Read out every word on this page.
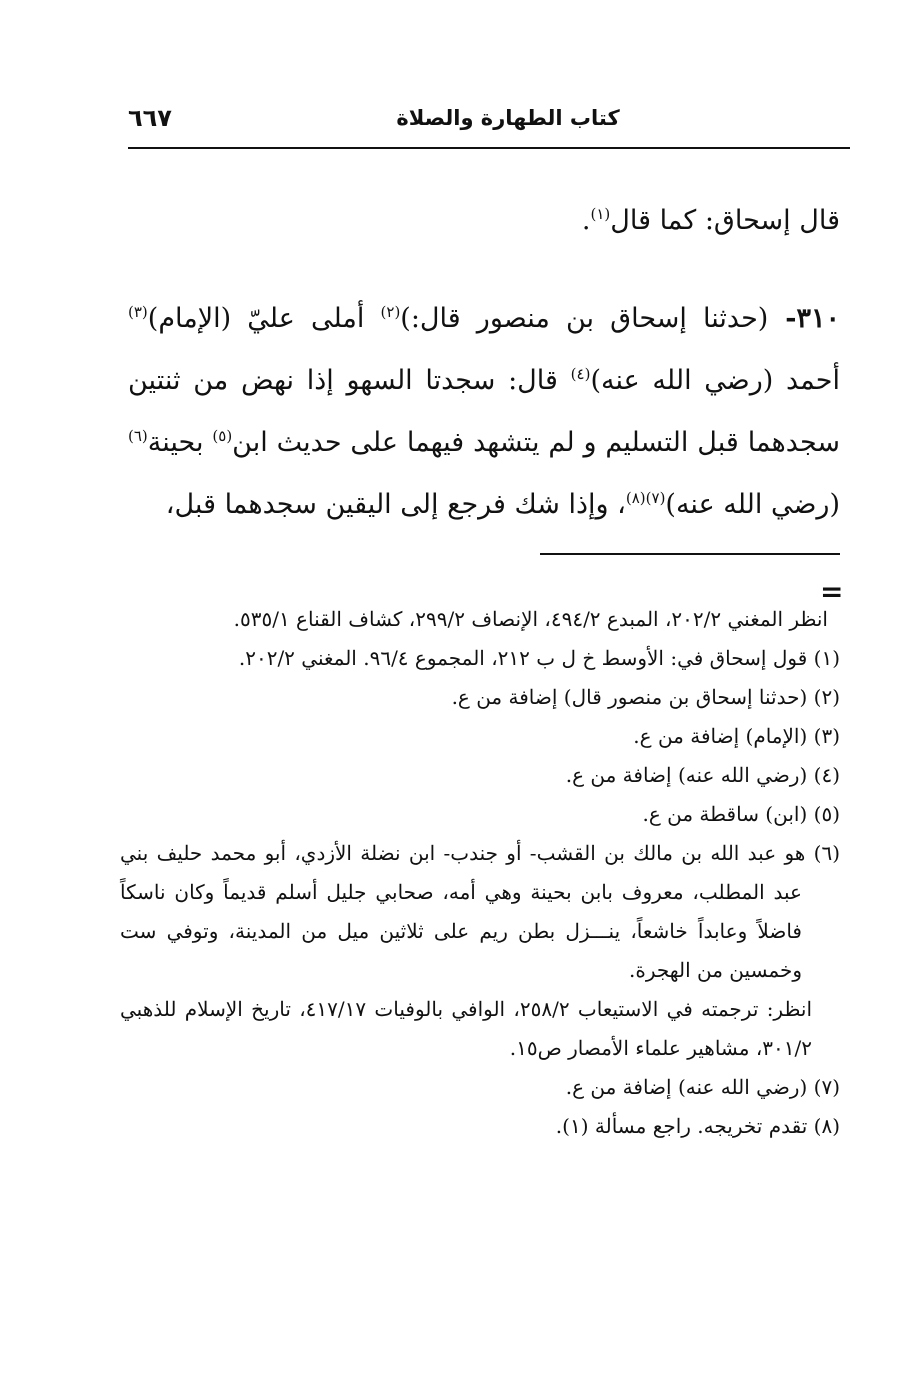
٦٦٧	كتاب الطهارة والصلاة

قال إسحاق: كما قال$^{(١)}$.

٣١٠- (حدثنا إسحاق بن منصور قال:)$^{(٢)}$ أملى عليّ (الإمام)$^{(٣)}$ أحمد (رضي الله عنه)$^{(٤)}$ قال: سجدتا السهو إذا نهض من ثنتين سجدهما قبل التسليم و لم يتشهد فيهما على حديث ابن$^{(٥)}$ بحينة$^{(٦)}$ (رضي الله عنه)$^{(٧)(٨)}$، وإذا شك فرجع إلى اليقين سجدهما قبل،

=

انظر المغني ٢٠٢/٢، المبدع ٤٩٤/٢، الإنصاف ٢٩٩/٢، كشاف القناع ٥٣٥/١.

(١) قول إسحاق في: الأوسط خ ل ب ٢١٢، المجموع ٩٦/٤. المغني ٢٠٢/٢.

(٢) (حدثنا إسحاق بن منصور قال) إضافة من ع.

(٣) (الإمام) إضافة من ع.

(٤) (رضي الله عنه) إضافة من ع.

(٥) (ابن) ساقطة من ع.

(٦) هو عبد الله بن مالك بن القشب- أو جندب- ابن نضلة الأزدي، أبو محمد حليف بني عبد المطلب، معروف بابن بحينة وهي أمه، صحابي جليل أسلم قديماً وكان ناسكاً فاضلاً وعابداً خاشعاً، ينـــزل بطن ريم على ثلاثين ميل من المدينة، وتوفي ست وخمسين من الهجرة.

انظر: ترجمته في الاستيعاب ٢٥٨/٢، الوافي بالوفيات ٤١٧/١٧، تاريخ الإسلام للذهبي ٣٠١/٢، مشاهير علماء الأمصار ص١٥.

(٧) (رضي الله عنه) إضافة من ع.

(٨) تقدم تخريجه. راجع مسألة (١).
